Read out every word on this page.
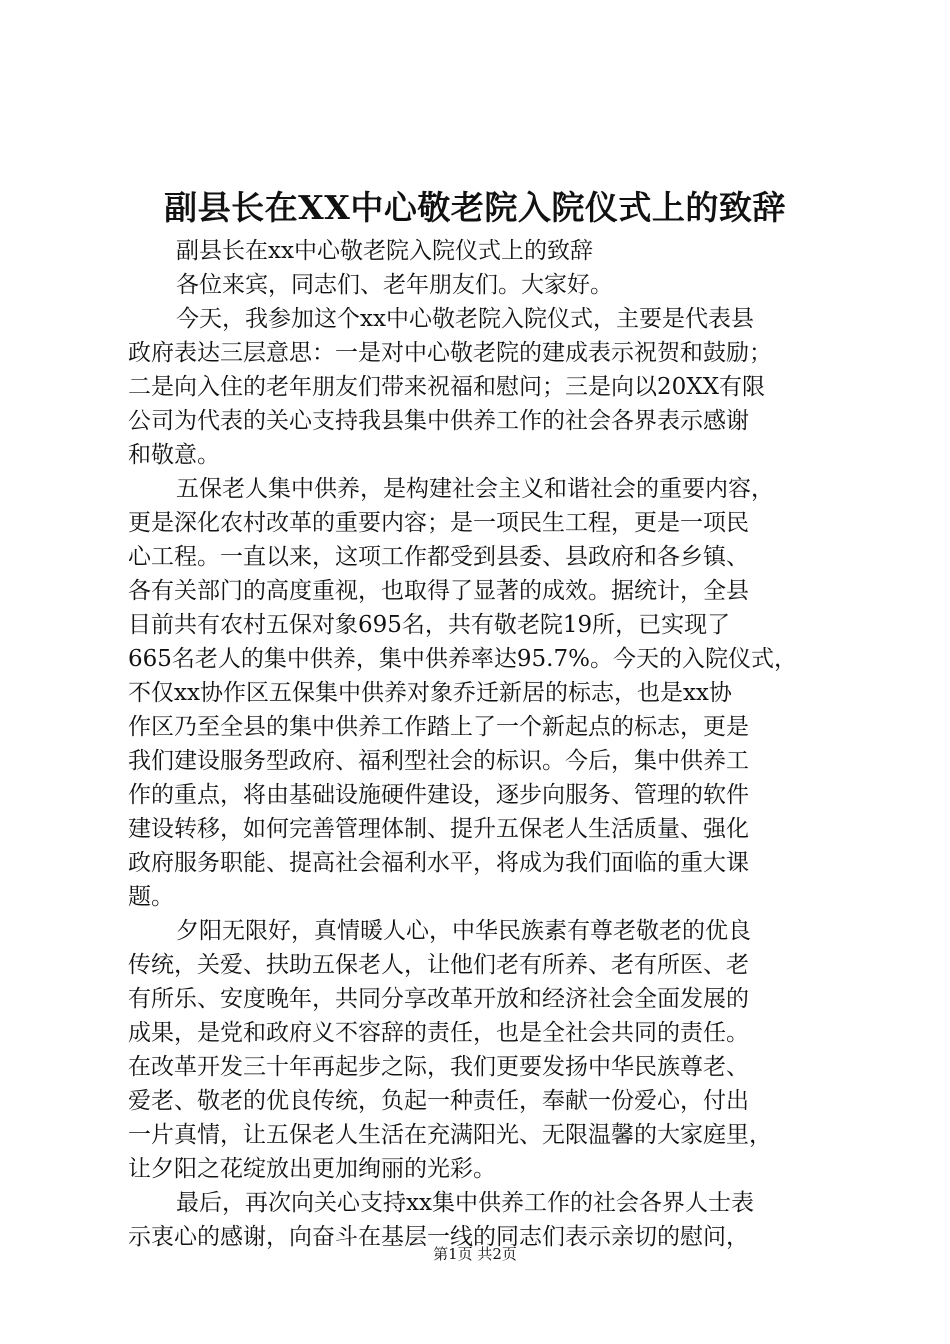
副县长在XX中心敬老院入院仪式上的致辞
副县长在xx中心敬老院入院仪式上的致辞
各位来宾，同志们、老年朋友们。大家好。
今天，我参加这个xx中心敬老院入院仪式，主要是代表县
政府表达三层意思：一是对中心敬老院的建成表示祝贺和鼓励；
二是向入住的老年朋友们带来祝福和慰问；三是向以20XX有限
公司为代表的关心支持我县集中供养工作的社会各界表示感谢
和敬意。
五保老人集中供养，是构建社会主义和谐社会的重要内容，
更是深化农村改革的重要内容；是一项民生工程，更是一项民
心工程。一直以来，这项工作都受到县委、县政府和各乡镇、
各有关部门的高度重视，也取得了显著的成效。据统计，全县
目前共有农村五保对象695名，共有敬老院19所，已实现了
665名老人的集中供养，集中供养率达95.7%。今天的入院仪式，
不仅xx协作区五保集中供养对象乔迁新居的标志，也是xx协
作区乃至全县的集中供养工作踏上了一个新起点的标志，更是
我们建设服务型政府、福利型社会的标识。今后，集中供养工
作的重点，将由基础设施硬件建设，逐步向服务、管理的软件
建设转移，如何完善管理体制、提升五保老人生活质量、强化
政府服务职能、提高社会福利水平，将成为我们面临的重大课
题。
夕阳无限好，真情暖人心，中华民族素有尊老敬老的优良
传统，关爱、扶助五保老人，让他们老有所养、老有所医、老
有所乐、安度晚年，共同分享改革开放和经济社会全面发展的
成果，是党和政府义不容辞的责任，也是全社会共同的责任。
在改革开发三十年再起步之际，我们更要发扬中华民族尊老、
爱老、敬老的优良传统，负起一种责任，奉献一份爱心，付出
一片真情，让五保老人生活在充满阳光、无限温馨的大家庭里，
让夕阳之花绽放出更加绚丽的光彩。
最后，再次向关心支持xx集中供养工作的社会各界人士表
示衷心的感谢，向奋斗在基层一线的同志们表示亲切的慰问，
第1页 共2页
